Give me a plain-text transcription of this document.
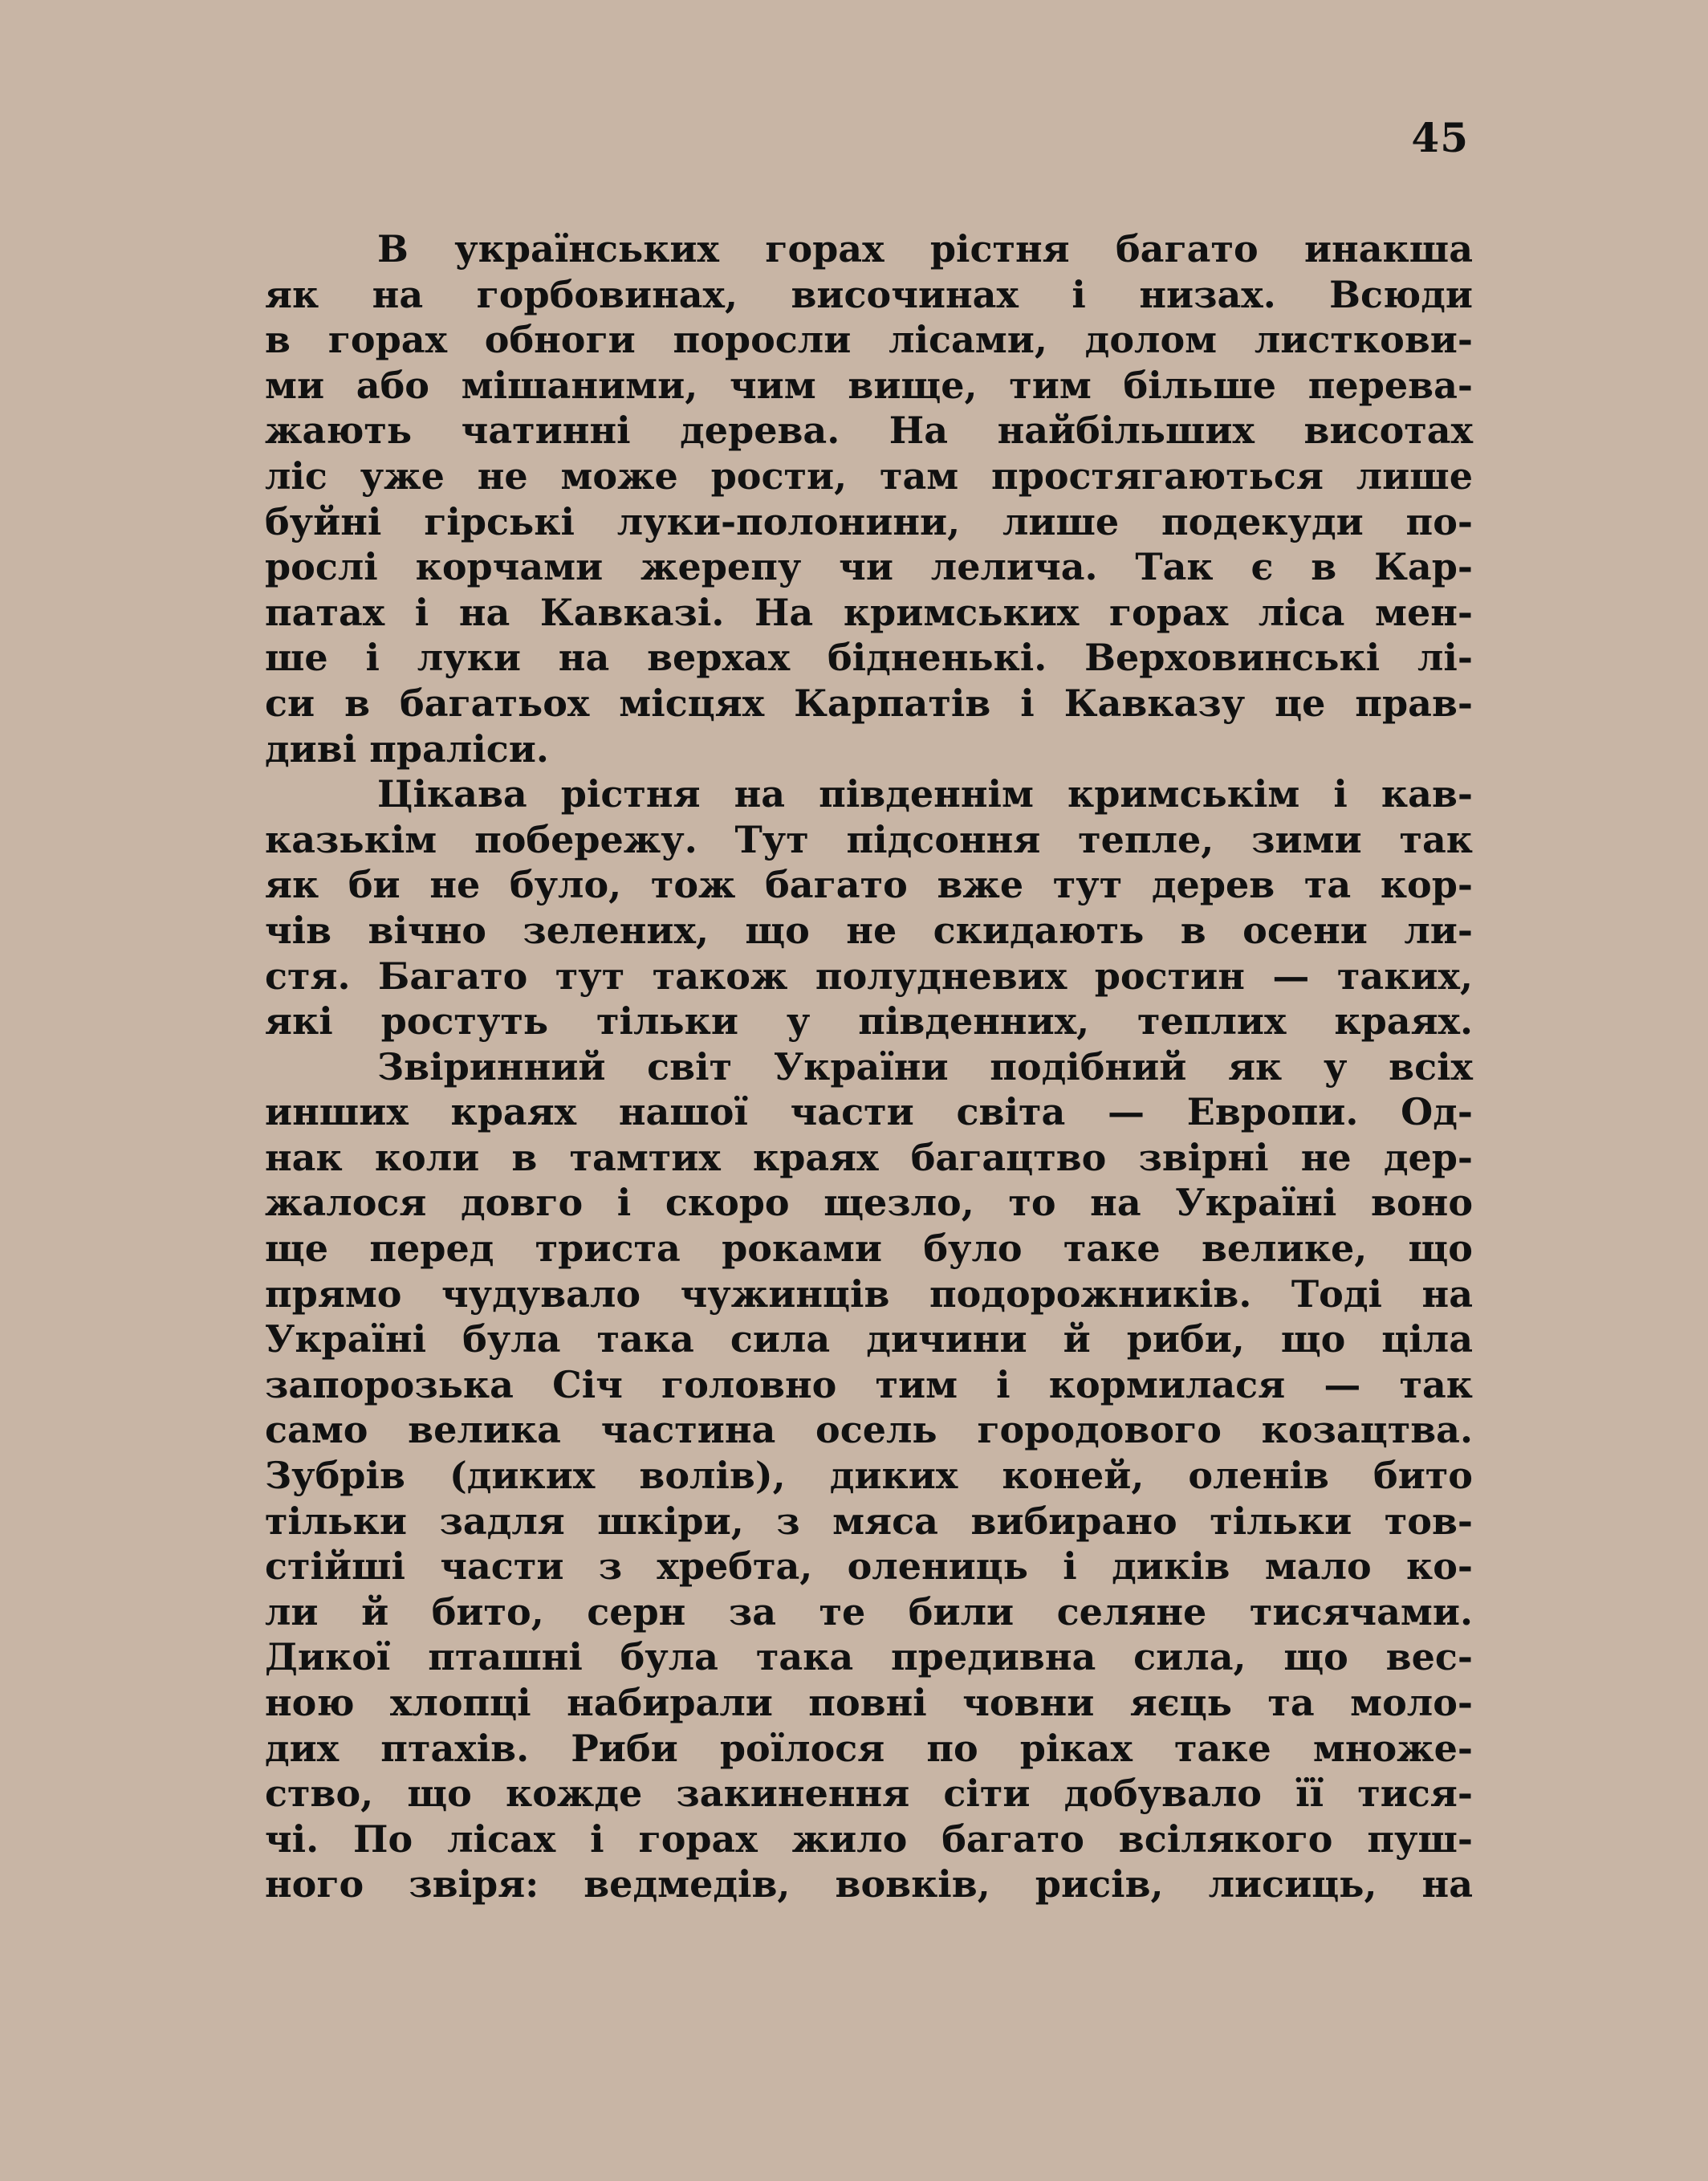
45
В українських горах рістня багато инакша
як на горбовинах, височинах і низах. Всюди
в горах обноги поросли лісами, долом листкови-
ми або мішаними, чим вище, тим більше перева-
жають чатинні дерева. На найбільших висотах
ліс уже не може рости, там простягаються лише
буйні гірські луки-полонини, лише подекуди по-
рослі корчами жерепу чи лелича. Так є в Кар-
патах і на Кавказі. На кримських горах ліса мен-
ше і луки на верхах бідненькі. Верховинські лі-
си в багатьох місцях Карпатів і Кавказу це прав-
диві праліси.
Цікава рістня на південнім кримськім і кав-
казькім побережу. Тут підсоння тепле, зими так
як би не було, тож багато вже тут дерев та кор-
чів вічно зелених, що не скидають в осени ли-
стя. Багато тут також полудневих ростин — таких,
які ростуть тільки у південних, теплих краях.
Звіринний світ України подібний як у всіх
инших краях нашої части світа — Европи. Од-
нак коли в тамтих краях багацтво звірні не дер-
жалося довго і скоро щезло, то на Україні воно
ще перед триста роками було таке велике, що
прямо чудувало чужинців подорожників. Тоді на
Україні була така сила дичини й риби, що ціла
запорозька Січ головно тим і кормилася — так
само велика частина осель городового козацтва.
Зубрів (диких волів), диких коней, оленів бито
тільки задля шкіри, з мяса вибирано тільки тов-
стійші части з хребта, олениць і диків мало ко-
ли й бито, серн за те били селяне тисячами.
Дикої пташні була така предивна сила, що вес-
ною хлопці набирали повні човни яєць та моло-
дих птахів. Риби роїлося по ріках таке множе-
ство, що кожде закинення сіти добувало її тися-
чі. По лісах і горах жило багато всілякого пуш-
ного звіря: ведмедів, вовків, рисів, лисиць, на
